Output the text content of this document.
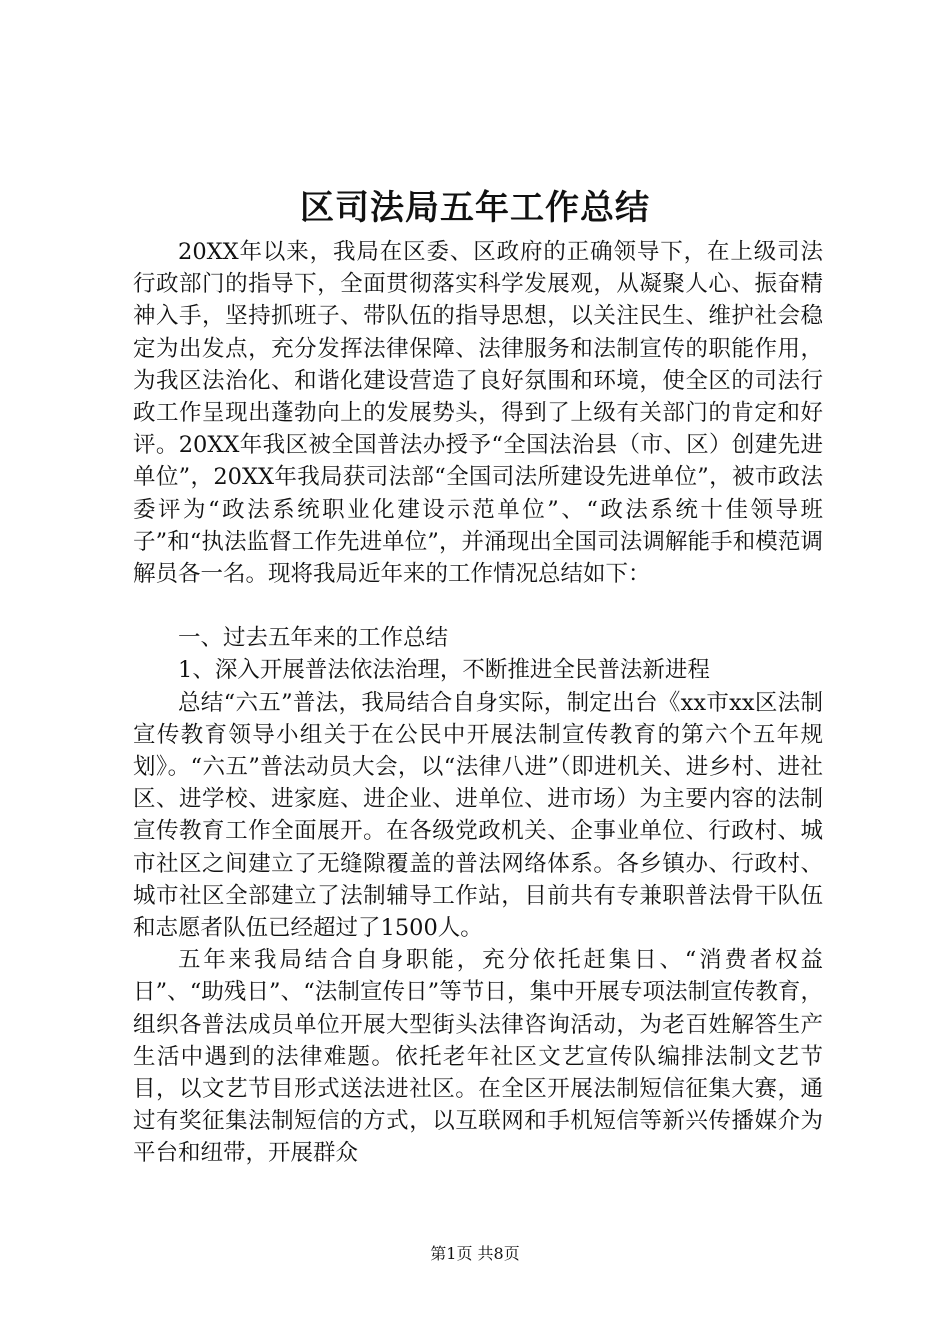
区司法局五年工作总结

20XX年以来，我局在区委、区政府的正确领导下，在上级司法行政部门的指导下，全面贯彻落实科学发展观，从凝聚人心、振奋精神入手，坚持抓班子、带队伍的指导思想，以关注民生、维护社会稳定为出发点，充分发挥法律保障、法律服务和法制宣传的职能作用，为我区法治化、和谐化建设营造了良好氛围和环境，使全区的司法行政工作呈现出蓬勃向上的发展势头，得到了上级有关部门的肯定和好评。20XX年我区被全国普法办授予“全国法治县（市、区）创建先进单位”，20XX年我局获司法部“全国司法所建设先进单位”，被市政法委评为“政法系统职业化建设示范单位”、“政法系统十佳领导班子”和“执法监督工作先进单位”，并涌现出全国司法调解能手和模范调解员各一名。现将我局近年来的工作情况总结如下：

一、过去五年来的工作总结

1、深入开展普法依法治理，不断推进全民普法新进程

总结“六五”普法，我局结合自身实际，制定出台《xx市xx区法制宣传教育领导小组关于在公民中开展法制宣传教育的第六个五年规划》。“六五”普法动员大会，以“法律八进”（即进机关、进乡村、进社区、进学校、进家庭、进企业、进单位、进市场）为主要内容的法制宣传教育工作全面展开。在各级党政机关、企事业单位、行政村、城市社区之间建立了无缝隙覆盖的普法网络体系。各乡镇办、行政村、城市社区全部建立了法制辅导工作站，目前共有专兼职普法骨干队伍和志愿者队伍已经超过了1500人。

五年来我局结合自身职能，充分依托赶集日、“消费者权益日”、“助残日”、“法制宣传日”等节日，集中开展专项法制宣传教育，组织各普法成员单位开展大型街头法律咨询活动，为老百姓解答生产生活中遇到的法律难题。依托老年社区文艺宣传队编排法制文艺节目，以文艺节目形式送法进社区。在全区开展法制短信征集大赛，通过有奖征集法制短信的方式，以互联网和手机短信等新兴传播媒介为平台和纽带，开展群众

第1页 共8页
